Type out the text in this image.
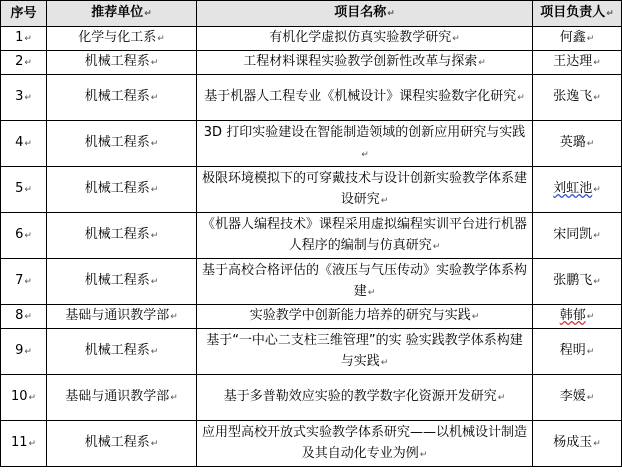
序号	推荐单位↵	项目名称↵	项目负责人↵
1↵	化学与化工系↵	有机化学虚拟仿真实验教学研究↵	何鑫↵
2↵	机械工程系↵	工程材料课程实验教学创新性改革与探索↵	王达理↵
3↵	机械工程系↵	基于机器人工程专业《机械设计》课程实验数字化研究↵	张逸飞↵
4↵	机械工程系↵	3D 打印实验建设在智能制造领域的创新应用研究与实践↵	英璐↵
5↵	机械工程系↵	极限环境模拟下的可穿戴技术与设计创新实验教学体系建设研究↵	刘虹池↵
6↵	机械工程系↵	《机器人编程技术》课程采用虚拟编程实训平台进行机器人程序的编制与仿真研究↵	宋同凯↵
7↵	机械工程系↵	基于高校合格评估的《液压与气压传动》实验教学体系构建↵	张鹏飞↵
8↵	基础与通识教学部↵	实验教学中创新能力培养的研究与实践↵	韩郁↵
9↵	机械工程系↵	基于“一中心二支柱三维管理”的实 验实践教学体系构建与实践↵	程明↵
10↵	基础与通识教学部↵	基于多普勒效应实验的教学数字化资源开发研究↵	李媛↵
11↵	机械工程系↵	应用型高校开放式实验教学体系研究——以机械设计制造及其自动化专业为例↵	杨成玉↵
